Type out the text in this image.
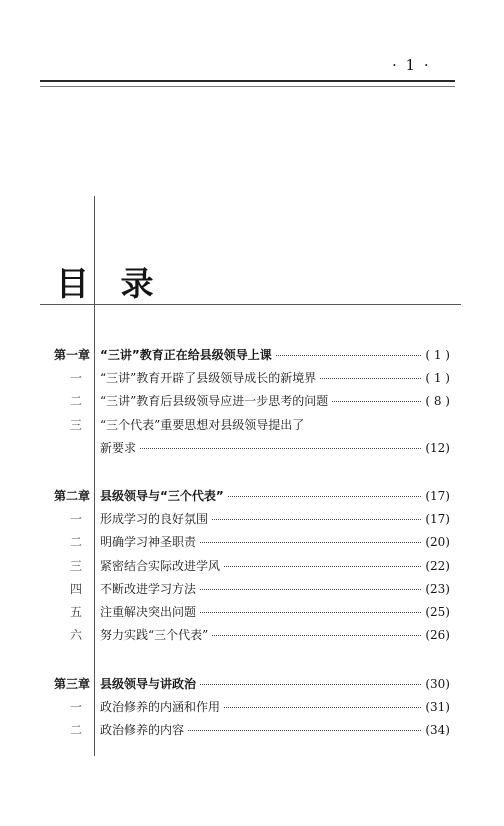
· 1 ·
目 录
第一章 “三讲”教育正在给县级领导上课	( 1 )
一	“三讲”教育开辟了县级领导成长的新境界	( 1 )
二	“三讲”教育后县级领导应进一步思考的问题	( 8 )
三	“三个代表”重要思想对县级领导提出了
新要求	(12)
第二章 县级领导与“三个代表”	(17)
一	形成学习的良好氛围	(17)
二	明确学习神圣职责	(20)
三	紧密结合实际改进学风	(22)
四	不断改进学习方法	(23)
五	注重解决突出问题	(25)
六	努力实践“三个代表”	(26)
第三章 县级领导与讲政治	(30)
一	政治修养的内涵和作用	(31)
二	政治修养的内容	(34)
